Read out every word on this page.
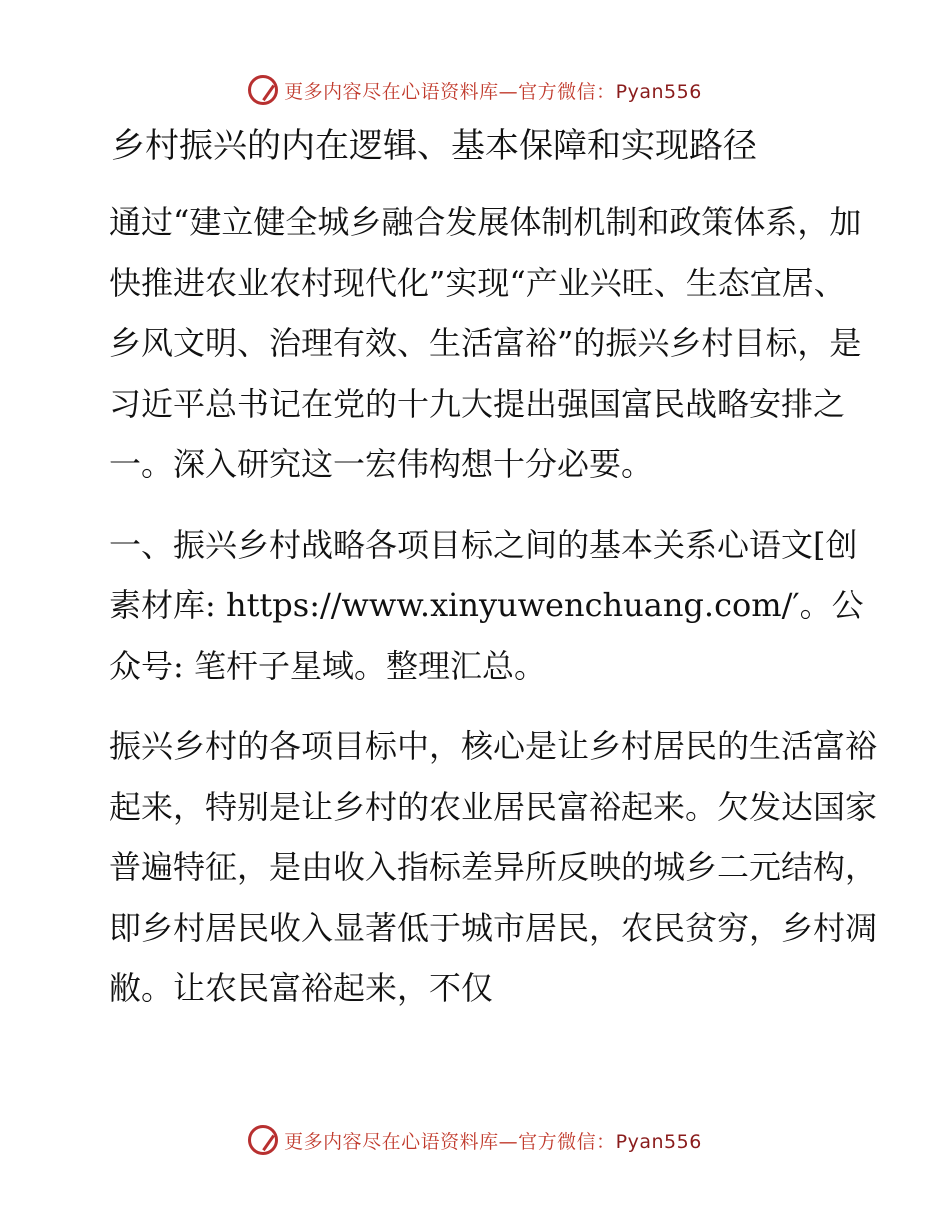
更多内容尽在心语资料库—官方微信：Pyan556
乡村振兴的内在逻辑、基本保障和实现路径

通过“建立健全城乡融合发展体制机制和政策体系，加快推进农业农村现代化”实现“产业兴旺、生态宜居、乡风文明、治理有效、生活富裕”的振兴乡村目标，是习近平总书记在党的十九大提出强国富民战略安排之一。深入研究这一宏伟构想十分必要。

一、振兴乡村战略各项目标之间的基本关系心语文[创素材库: https://www.xinyuwenchuang.com/′。公众号: 笔杆子星域。整理汇总。

振兴乡村的各项目标中，核心是让乡村居民的生活富裕起来，特别是让乡村的农业居民富裕起来。欠发达国家普遍特征，是由收入指标差异所反映的城乡二元结构，即乡村居民收入显著低于城市居民，农民贫穷，乡村凋敝。让农民富裕起来，不仅

更多内容尽在心语资料库—官方微信：Pyan556
